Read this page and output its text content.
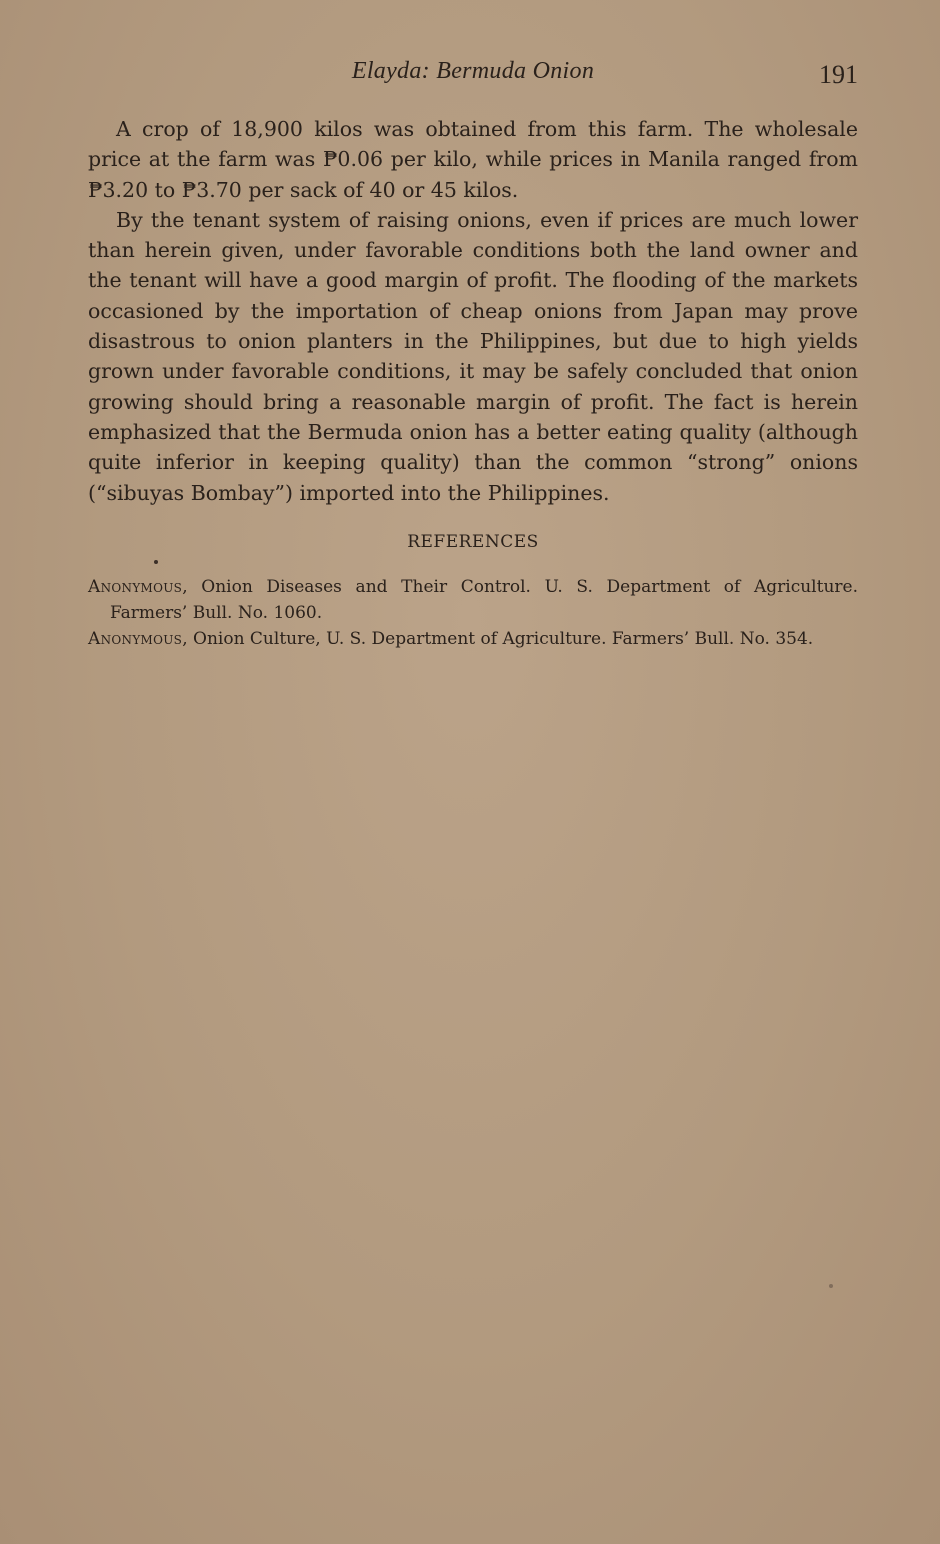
Elayda: Bermuda Onion	191

A crop of 18,900 kilos was obtained from this farm. The wholesale price at the farm was ₱0.06 per kilo, while prices in Manila ranged from ₱3.20 to ₱3.70 per sack of 40 or 45 kilos.

By the tenant system of raising onions, even if prices are much lower than herein given, under favorable conditions both the land owner and the tenant will have a good margin of profit. The flooding of the markets occasioned by the importation of cheap onions from Japan may prove disastrous to onion planters in the Philippines, but due to high yields grown under favorable conditions, it may be safely concluded that onion growing should bring a reasonable margin of profit. The fact is herein emphasized that the Bermuda onion has a better eating quality (although quite inferior in keeping quality) than the common “strong” onions (“sibuyas Bombay”) imported into the Philippines.

REFERENCES

Anonymous, Onion Diseases and Their Control. U. S. Department of Agriculture. Farmers’ Bull. No. 1060.

Anonymous, Onion Culture, U. S. Department of Agriculture. Farmers’ Bull. No. 354.
